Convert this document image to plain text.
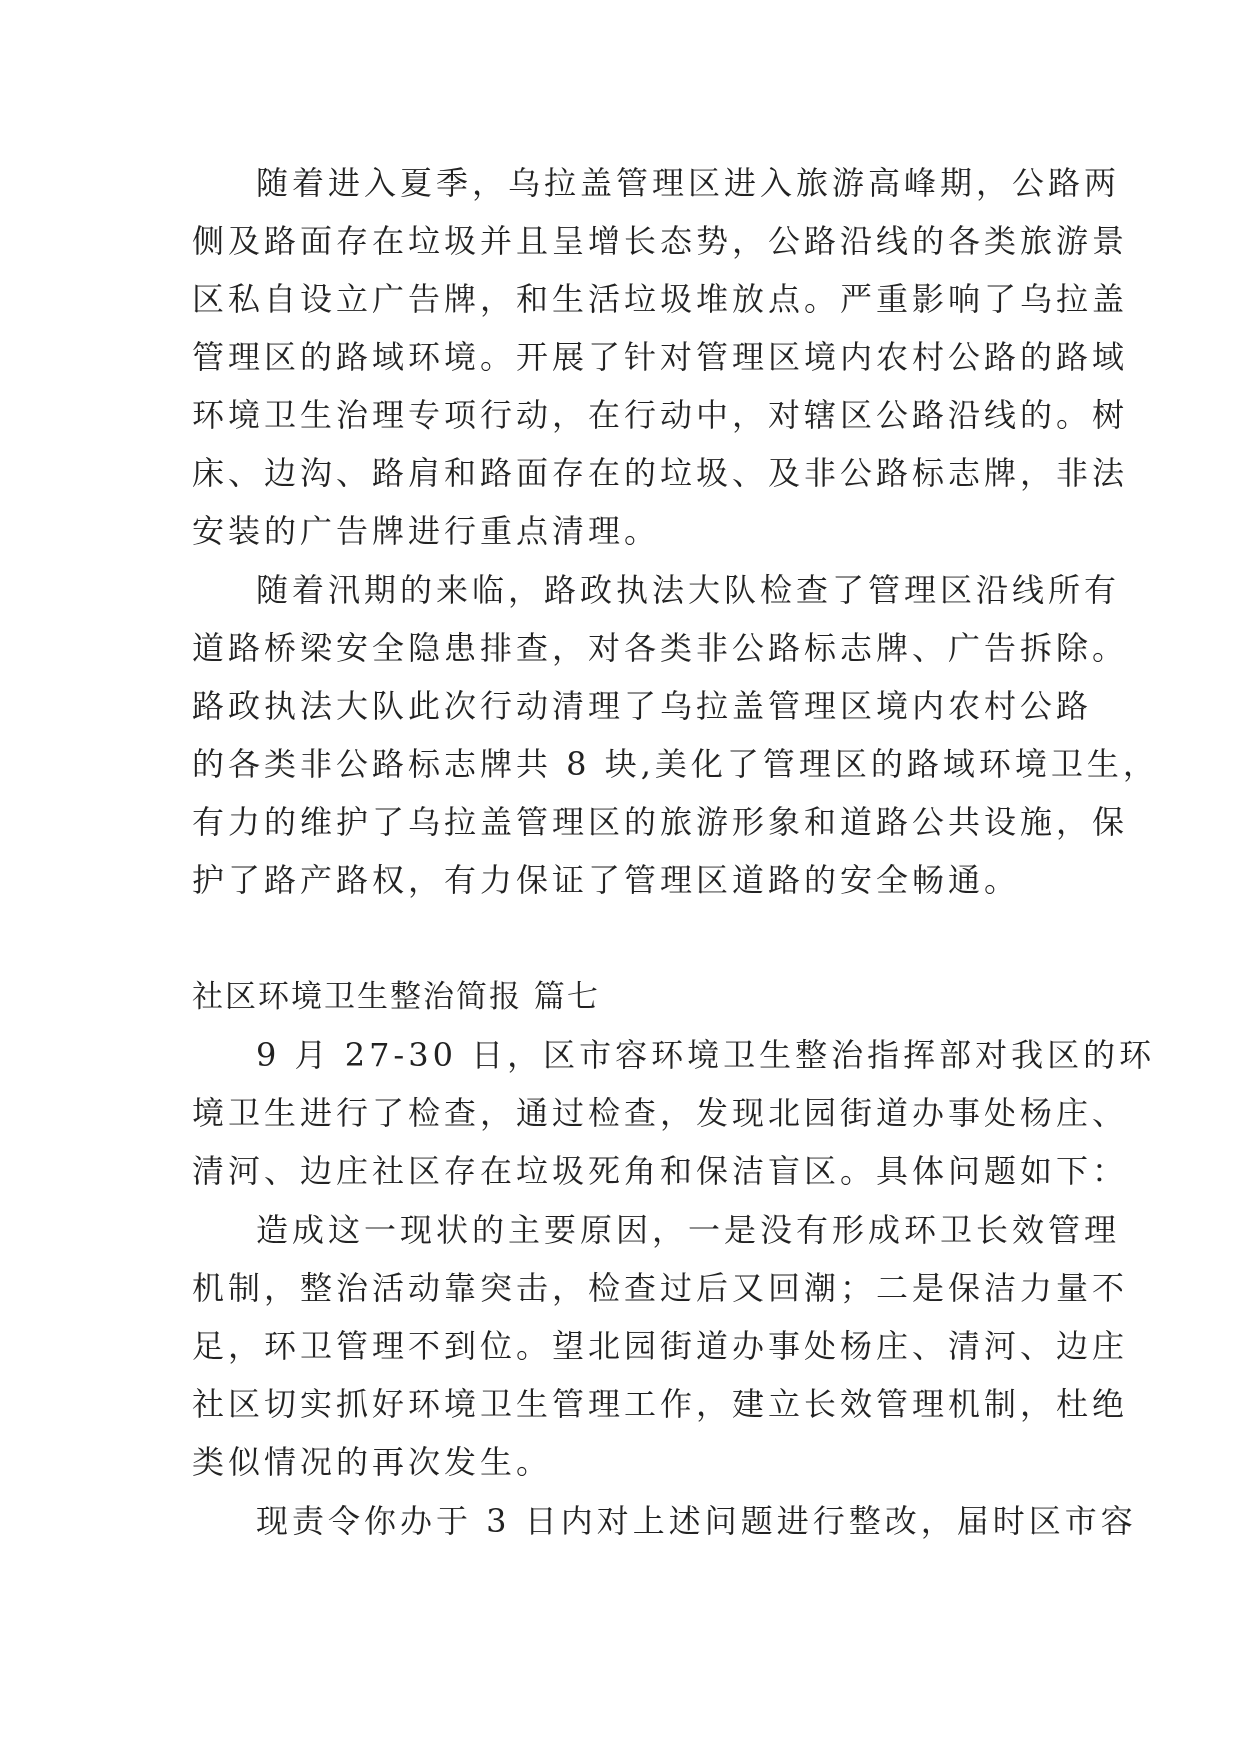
随着进入夏季，乌拉盖管理区进入旅游高峰期，公路两
侧及路面存在垃圾并且呈增长态势，公路沿线的各类旅游景
区私自设立广告牌，和生活垃圾堆放点。严重影响了乌拉盖
管理区的路域环境。开展了针对管理区境内农村公路的路域
环境卫生治理专项行动，在行动中，对辖区公路沿线的。树
床、边沟、路肩和路面存在的垃圾、及非公路标志牌，非法
安装的广告牌进行重点清理。
随着汛期的来临，路政执法大队检查了管理区沿线所有
道路桥梁安全隐患排查，对各类非公路标志牌、广告拆除。
路政执法大队此次行动清理了乌拉盖管理区境内农村公路
的各类非公路标志牌共 8 块,美化了管理区的路域环境卫生，
有力的维护了乌拉盖管理区的旅游形象和道路公共设施，保
护了路产路权，有力保证了管理区道路的安全畅通。
社区环境卫生整治简报 篇七
9 月 27-30 日，区市容环境卫生整治指挥部对我区的环
境卫生进行了检查，通过检查，发现北园街道办事处杨庄、
清河、边庄社区存在垃圾死角和保洁盲区。具体问题如下：
造成这一现状的主要原因，一是没有形成环卫长效管理
机制，整治活动靠突击，检查过后又回潮；二是保洁力量不
足，环卫管理不到位。望北园街道办事处杨庄、清河、边庄
社区切实抓好环境卫生管理工作，建立长效管理机制，杜绝
类似情况的再次发生。
现责令你办于 3 日内对上述问题进行整改，届时区市容
